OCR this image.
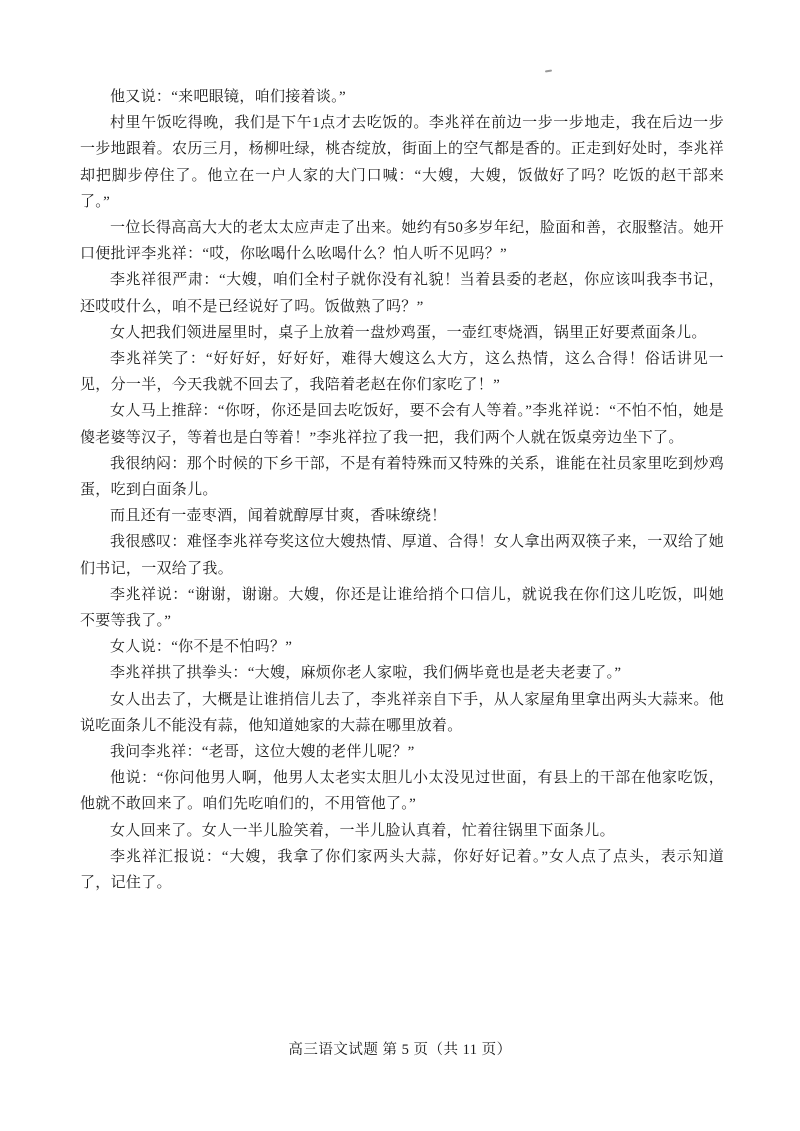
他又说：“来吧眼镜，咱们接着谈。”

村里午饭吃得晚，我们是下午1点才去吃饭的。李兆祥在前边一步一步地走，我在后边一步一步地跟着。农历三月，杨柳吐绿，桃杏绽放，街面上的空气都是香的。正走到好处时，李兆祥却把脚步停住了。他立在一户人家的大门口喊：“大嫂，大嫂，饭做好了吗？吃饭的赵干部来了。”

一位长得高高大大的老太太应声走了出来。她约有50多岁年纪，脸面和善，衣服整洁。她开口便批评李兆祥：“哎，你吆喝什么吆喝什么？怕人听不见吗？”

李兆祥很严肃：“大嫂，咱们全村子就你没有礼貌！当着县委的老赵，你应该叫我李书记，还哎哎什么，咱不是已经说好了吗。饭做熟了吗？”

女人把我们领进屋里时，桌子上放着一盘炒鸡蛋，一壶红枣烧酒，锅里正好要煮面条儿。

李兆祥笑了：“好好好，好好好，难得大嫂这么大方，这么热情，这么合得！俗话讲见一见，分一半，今天我就不回去了，我陪着老赵在你们家吃了！”

女人马上推辞：“你呀，你还是回去吃饭好，要不会有人等着。”李兆祥说：“不怕不怕，她是傻老婆等汉子，等着也是白等着！”李兆祥拉了我一把，我们两个人就在饭桌旁边坐下了。

我很纳闷：那个时候的下乡干部，不是有着特殊而又特殊的关系，谁能在社员家里吃到炒鸡蛋，吃到白面条儿。

而且还有一壶枣酒，闻着就醇厚甘爽，香味缭绕！

我很感叹：难怪李兆祥夸奖这位大嫂热情、厚道、合得！女人拿出两双筷子来，一双给了她们书记，一双给了我。

李兆祥说：“谢谢，谢谢。大嫂，你还是让谁给捎个口信儿，就说我在你们这儿吃饭，叫她不要等我了。”

女人说：“你不是不怕吗？”

李兆祥拱了拱拳头：“大嫂，麻烦你老人家啦，我们俩毕竟也是老夫老妻了。”

女人出去了，大概是让谁捎信儿去了，李兆祥亲自下手，从人家屋角里拿出两头大蒜来。他说吃面条儿不能没有蒜，他知道她家的大蒜在哪里放着。

我问李兆祥：“老哥，这位大嫂的老伴儿呢？”

他说：“你问他男人啊，他男人太老实太胆儿小太没见过世面，有县上的干部在他家吃饭，他就不敢回来了。咱们先吃咱们的，不用管他了。”

女人回来了。女人一半儿脸笑着，一半儿脸认真着，忙着往锅里下面条儿。

李兆祥汇报说：“大嫂，我拿了你们家两头大蒜，你好好记着。”女人点了点头，表示知道了，记住了。

高三语文试题 第 5 页（共 11 页）
